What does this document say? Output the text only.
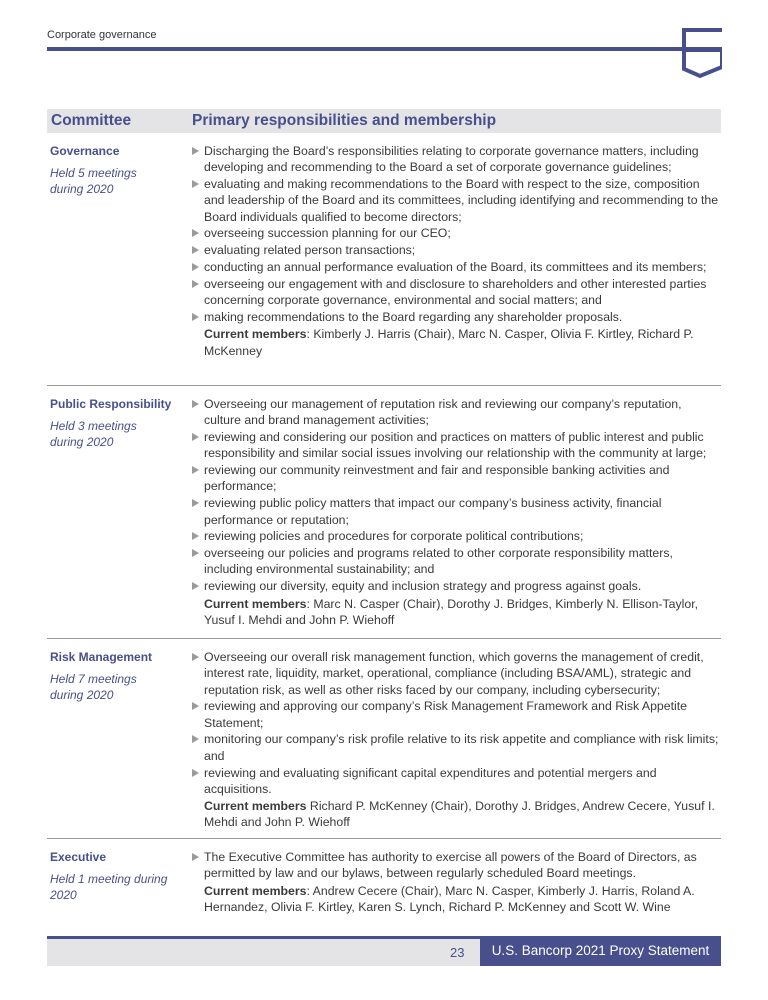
Corporate governance
Committee	Primary responsibilities and membership
Governance
Held 5 meetings during 2020
Discharging the Board’s responsibilities relating to corporate governance matters, including developing and recommending to the Board a set of corporate governance guidelines;
evaluating and making recommendations to the Board with respect to the size, composition and leadership of the Board and its committees, including identifying and recommending to the Board individuals qualified to become directors;
overseeing succession planning for our CEO;
evaluating related person transactions;
conducting an annual performance evaluation of the Board, its committees and its members;
overseeing our engagement with and disclosure to shareholders and other interested parties concerning corporate governance, environmental and social matters; and
making recommendations to the Board regarding any shareholder proposals.
Current members: Kimberly J. Harris (Chair), Marc N. Casper, Olivia F. Kirtley, Richard P. McKenney
Public Responsibility
Held 3 meetings during 2020
Overseeing our management of reputation risk and reviewing our company’s reputation, culture and brand management activities;
reviewing and considering our position and practices on matters of public interest and public responsibility and similar social issues involving our relationship with the community at large;
reviewing our community reinvestment and fair and responsible banking activities and performance;
reviewing public policy matters that impact our company’s business activity, financial performance or reputation;
reviewing policies and procedures for corporate political contributions;
overseeing our policies and programs related to other corporate responsibility matters, including environmental sustainability; and
reviewing our diversity, equity and inclusion strategy and progress against goals.
Current members: Marc N. Casper (Chair), Dorothy J. Bridges, Kimberly N. Ellison-Taylor, Yusuf I. Mehdi and John P. Wiehoff
Risk Management
Held 7 meetings during 2020
Overseeing our overall risk management function, which governs the management of credit, interest rate, liquidity, market, operational, compliance (including BSA/AML), strategic and reputation risk, as well as other risks faced by our company, including cybersecurity;
reviewing and approving our company’s Risk Management Framework and Risk Appetite Statement;
monitoring our company’s risk profile relative to its risk appetite and compliance with risk limits; and
reviewing and evaluating significant capital expenditures and potential mergers and acquisitions.
Current members Richard P. McKenney (Chair), Dorothy J. Bridges, Andrew Cecere, Yusuf I. Mehdi and John P. Wiehoff
Executive
Held 1 meeting during 2020
The Executive Committee has authority to exercise all powers of the Board of Directors, as permitted by law and our bylaws, between regularly scheduled Board meetings.
Current members: Andrew Cecere (Chair), Marc N. Casper, Kimberly J. Harris, Roland A. Hernandez, Olivia F. Kirtley, Karen S. Lynch, Richard P. McKenney and Scott W. Wine
23	U.S. Bancorp 2021 Proxy Statement
